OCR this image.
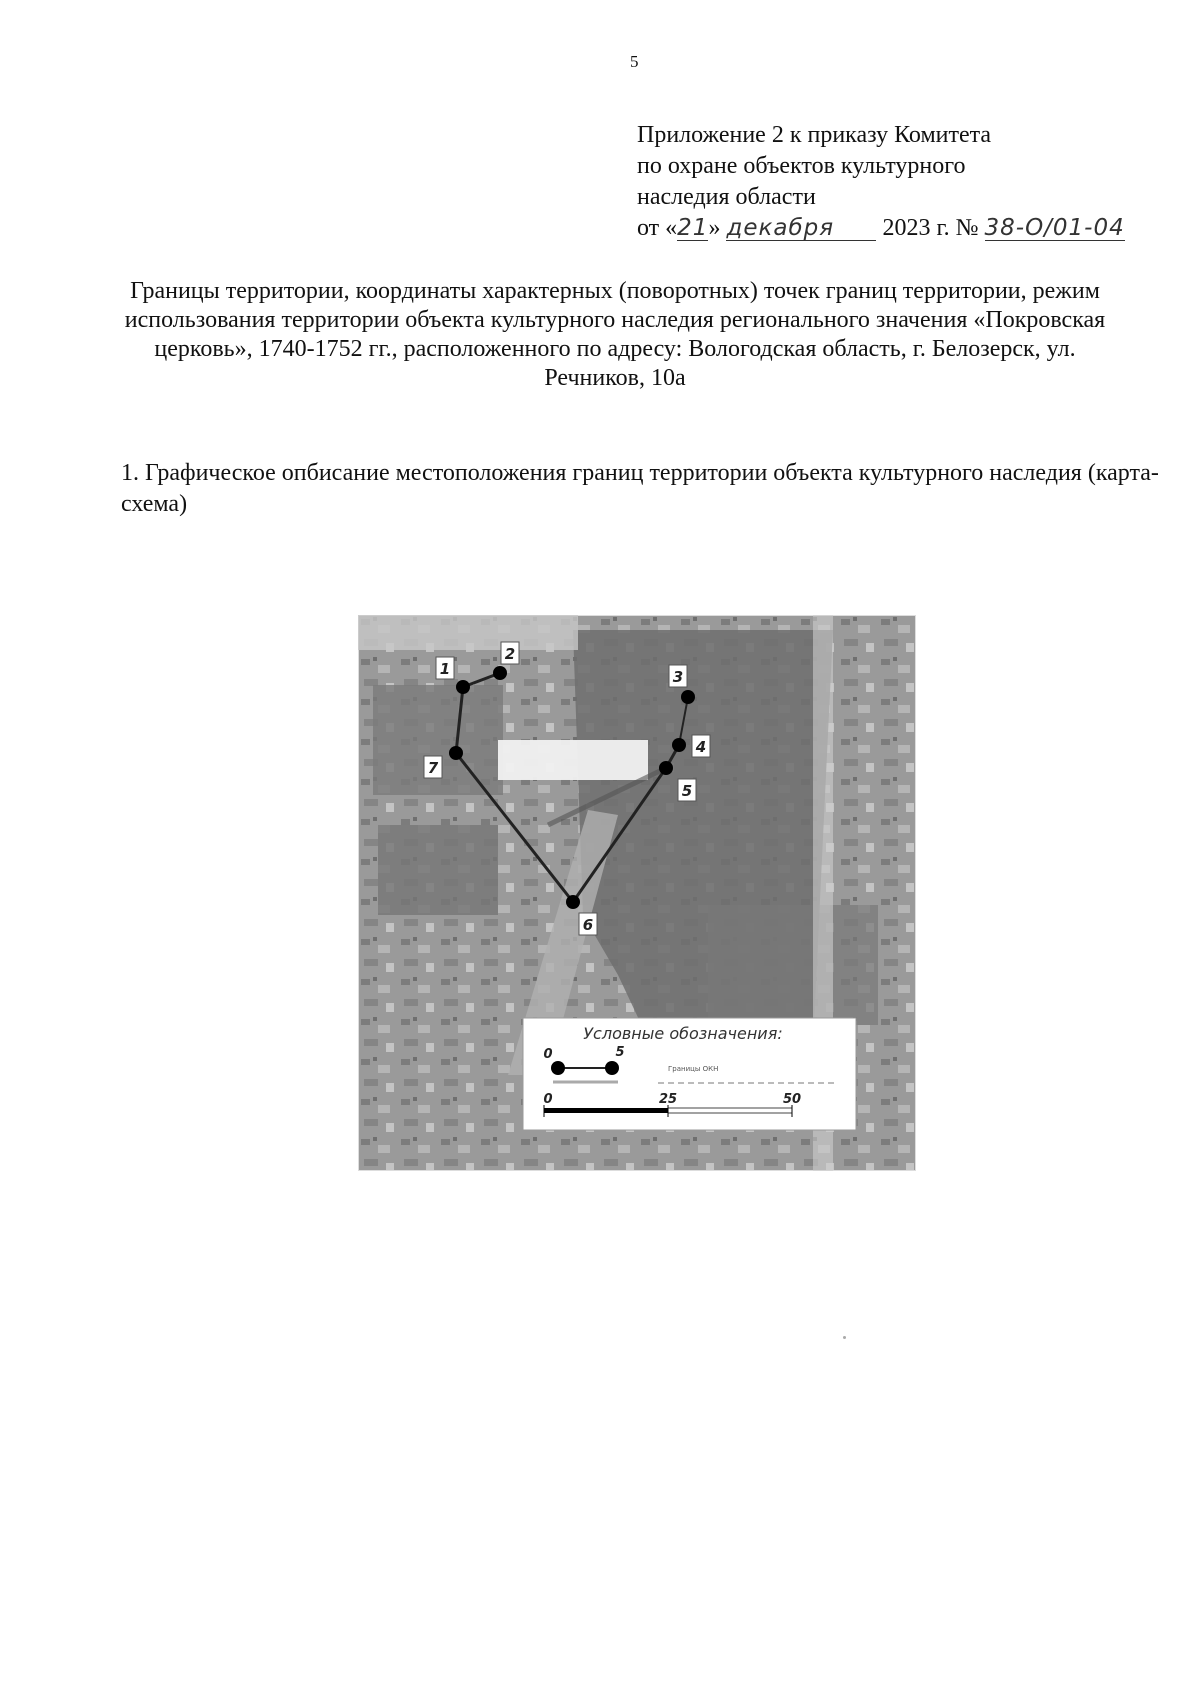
5
Приложение 2 к приказу Комитета
по охране объектов культурного
наследия области
от «21» декабря 2023 г. № 38-О/01-04
Границы территории, координаты характерных (поворотных) точек границ территории, режим использования территории объекта культурного наследия регионального значения «Покровская церковь», 1740-1752 гг., расположенного по адресу: Вологодская область, г. Белозерск, ул. Речников, 10а
1. Графическое опбисание местоположения границ территории объекта культурного наследия (карта-схема)
1
2
3
4
5
6
7
Условные обозначения:
0	5
Границы ОКН
0	25	50
